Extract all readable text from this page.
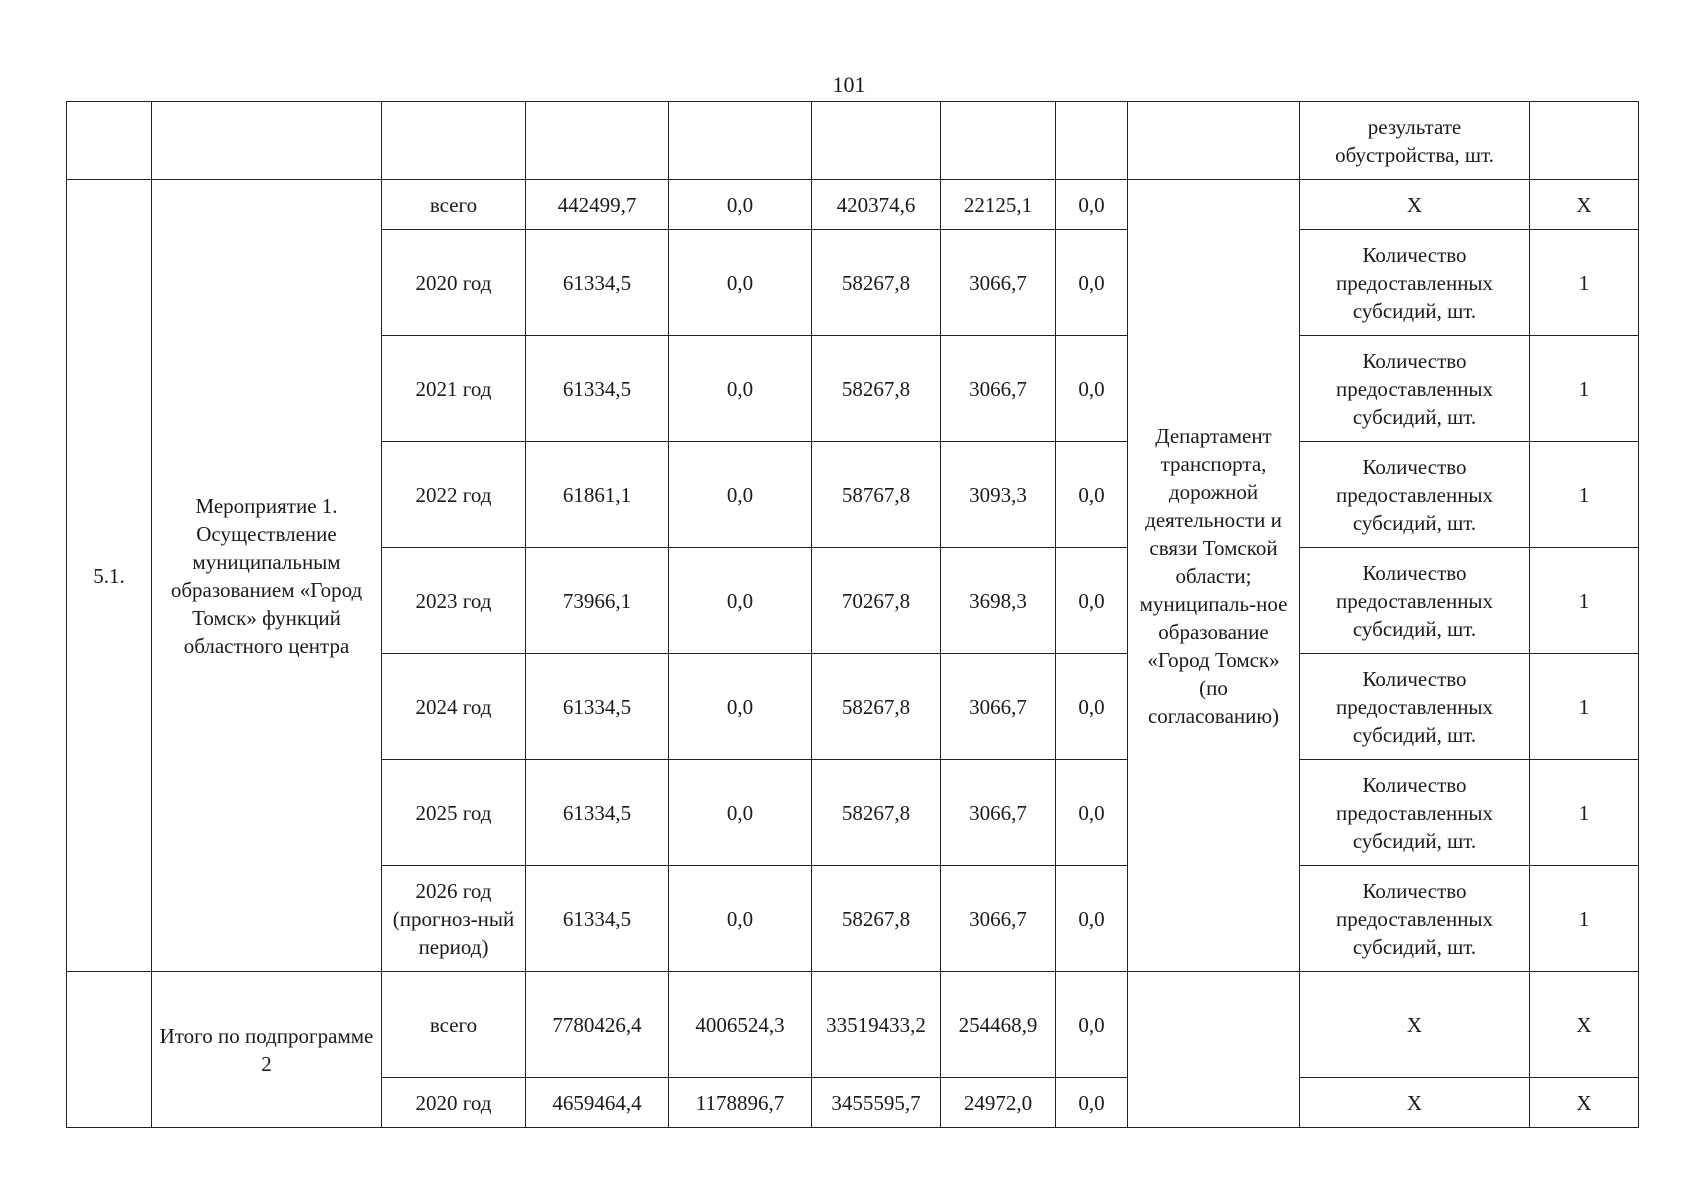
101
									результате обустройства, шт.	
5.1.	Мероприятие 1. Осуществление муниципальным образованием «Город Томск» функций областного центра	всего	442499,7	0,0	420374,6	22125,1	0,0	Департамент транспорта, дорожной деятельности и связи Томской области; муниципаль-ное образование «Город Томск» (по согласованию)	Х	Х
		2020 год	61334,5	0,0	58267,8	3066,7	0,0		Количество предоставленных субсидий, шт.	1
		2021 год	61334,5	0,0	58267,8	3066,7	0,0		Количество предоставленных субсидий, шт.	1
		2022 год	61861,1	0,0	58767,8	3093,3	0,0		Количество предоставленных субсидий, шт.	1
		2023 год	73966,1	0,0	70267,8	3698,3	0,0		Количество предоставленных субсидий, шт.	1
		2024 год	61334,5	0,0	58267,8	3066,7	0,0		Количество предоставленных субсидий, шт.	1
		2025 год	61334,5	0,0	58267,8	3066,7	0,0		Количество предоставленных субсидий, шт.	1
		2026 год (прогноз-ный период)	61334,5	0,0	58267,8	3066,7	0,0		Количество предоставленных субсидий, шт.	1
	Итого по подпрограмме 2	всего	7780426,4	4006524,3	33519433,2	254468,9	0,0		Х	Х
		2020 год	4659464,4	1178896,7	3455595,7	24972,0	0,0		Х	Х
